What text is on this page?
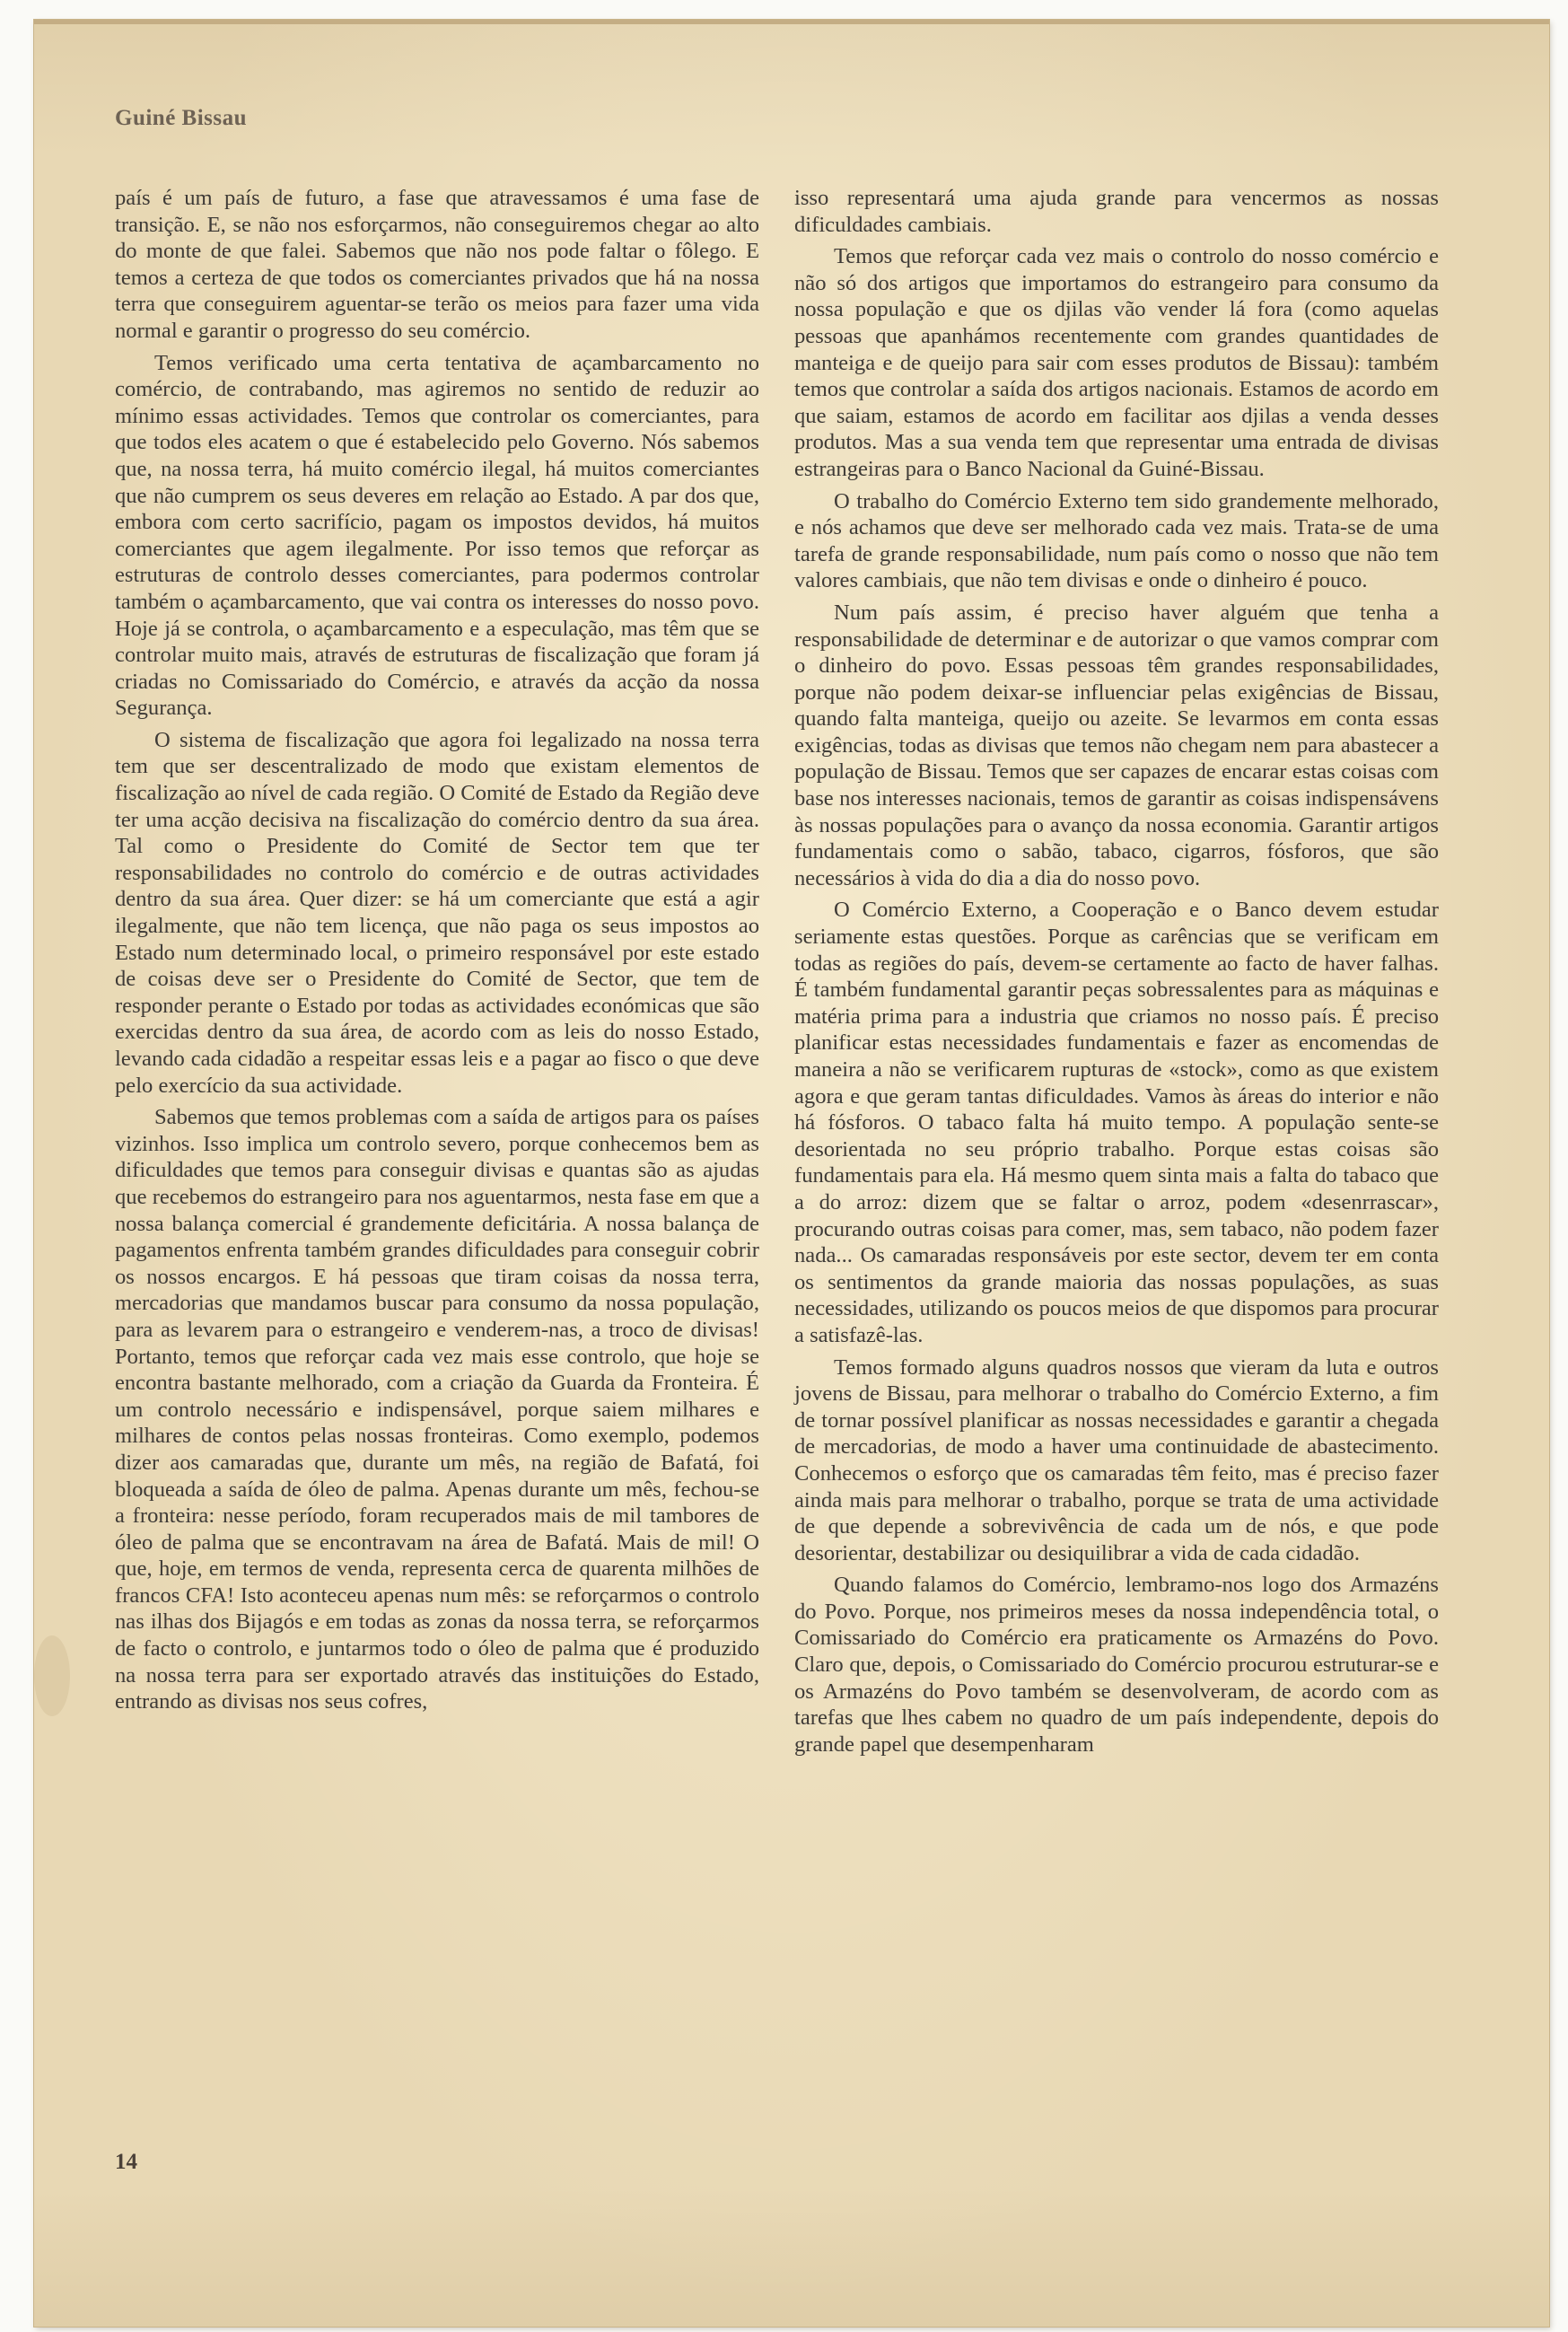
Guiné Bissau

país é um país de futuro, a fase que atravessamos é uma fase de transição. E, se não nos esforçarmos, não conseguiremos chegar ao alto do monte de que falei. Sabemos que não nos pode faltar o fôlego. E temos a certeza de que todos os comerciantes privados que há na nossa terra que conseguirem aguentar-se terão os meios para fazer uma vida normal e garantir o progresso do seu comércio.

Temos verificado uma certa tentativa de açambarcamento no comércio, de contrabando, mas agiremos no sentido de reduzir ao mínimo essas actividades. Temos que controlar os comerciantes, para que todos eles acatem o que é estabelecido pelo Governo. Nós sabemos que, na nossa terra, há muito comércio ilegal, há muitos comerciantes que não cumprem os seus deveres em relação ao Estado. A par dos que, embora com certo sacrifício, pagam os impostos devidos, há muitos comerciantes que agem ilegalmente. Por isso temos que reforçar as estruturas de controlo desses comerciantes, para podermos controlar também o açambarcamento, que vai contra os interesses do nosso povo. Hoje já se controla, o açambarcamento e a especulação, mas têm que se controlar muito mais, através de estruturas de fiscalização que foram já criadas no Comissariado do Comércio, e através da acção da nossa Segurança.

O sistema de fiscalização que agora foi legalizado na nossa terra tem que ser descentralizado de modo que existam elementos de fiscalização ao nível de cada região. O Comité de Estado da Região deve ter uma acção decisiva na fiscalização do comércio dentro da sua área. Tal como o Presidente do Comité de Sector tem que ter responsabilidades no controlo do comércio e de outras actividades dentro da sua área. Quer dizer: se há um comerciante que está a agir ilegalmente, que não tem licença, que não paga os seus impostos ao Estado num determinado local, o primeiro responsável por este estado de coisas deve ser o Presidente do Comité de Sector, que tem de responder perante o Estado por todas as actividades económicas que são exercidas dentro da sua área, de acordo com as leis do nosso Estado, levando cada cidadão a respeitar essas leis e a pagar ao fisco o que deve pelo exercício da sua actividade.

Sabemos que temos problemas com a saída de artigos para os países vizinhos. Isso implica um controlo severo, porque conhecemos bem as dificuldades que temos para conseguir divisas e quantas são as ajudas que recebemos do estrangeiro para nos aguentarmos, nesta fase em que a nossa balança comercial é grandemente deficitária. A nossa balança de pagamentos enfrenta também grandes dificuldades para conseguir cobrir os nossos encargos. E há pessoas que tiram coisas da nossa terra, mercadorias que mandamos buscar para consumo da nossa população, para as levarem para o estrangeiro e venderem-nas, a troco de divisas! Portanto, temos que reforçar cada vez mais esse controlo, que hoje se encontra bastante melhorado, com a criação da Guarda da Fronteira. É um controlo necessário e indispensável, porque saiem milhares e milhares de contos pelas nossas fronteiras. Como exemplo, podemos dizer aos camaradas que, durante um mês, na região de Bafatá, foi bloqueada a saída de óleo de palma. Apenas durante um mês, fechou-se a fronteira: nesse período, foram recuperados mais de mil tambores de óleo de palma que se encontravam na área de Bafatá. Mais de mil! O que, hoje, em termos de venda, representa cerca de quarenta milhões de francos CFA! Isto aconteceu apenas num mês: se reforçarmos o controlo nas ilhas dos Bijagós e em todas as zonas da nossa terra, se reforçarmos de facto o controlo, e juntarmos todo o óleo de palma que é produzido na nossa terra para ser exportado através das instituições do Estado, entrando as divisas nos seus cofres,

isso representará uma ajuda grande para vencermos as nossas dificuldades cambiais.

Temos que reforçar cada vez mais o controlo do nosso comércio e não só dos artigos que importamos do estrangeiro para consumo da nossa população e que os djilas vão vender lá fora (como aquelas pessoas que apanhámos recentemente com grandes quantidades de manteiga e de queijo para sair com esses produtos de Bissau): também temos que controlar a saída dos artigos nacionais. Estamos de acordo em que saiam, estamos de acordo em facilitar aos djilas a venda desses produtos. Mas a sua venda tem que representar uma entrada de divisas estrangeiras para o Banco Nacional da Guiné-Bissau.

O trabalho do Comércio Externo tem sido grandemente melhorado, e nós achamos que deve ser melhorado cada vez mais. Trata-se de uma tarefa de grande responsabilidade, num país como o nosso que não tem valores cambiais, que não tem divisas e onde o dinheiro é pouco.

Num país assim, é preciso haver alguém que tenha a responsabilidade de determinar e de autorizar o que vamos comprar com o dinheiro do povo. Essas pessoas têm grandes responsabilidades, porque não podem deixar-se influenciar pelas exigências de Bissau, quando falta manteiga, queijo ou azeite. Se levarmos em conta essas exigências, todas as divisas que temos não chegam nem para abastecer a população de Bissau. Temos que ser capazes de encarar estas coisas com base nos interesses nacionais, temos de garantir as coisas indispensávens às nossas populações para o avanço da nossa economia. Garantir artigos fundamentais como o sabão, tabaco, cigarros, fósforos, que são necessários à vida do dia a dia do nosso povo.

O Comércio Externo, a Cooperação e o Banco devem estudar seriamente estas questões. Porque as carências que se verificam em todas as regiões do país, devem-se certamente ao facto de haver falhas. É também fundamental garantir peças sobressalentes para as máquinas e matéria prima para a industria que criamos no nosso país. É preciso planificar estas necessidades fundamentais e fazer as encomendas de maneira a não se verificarem rupturas de «stock», como as que existem agora e que geram tantas dificuldades. Vamos às áreas do interior e não há fósforos. O tabaco falta há muito tempo. A população sente-se desorientada no seu próprio trabalho. Porque estas coisas são fundamentais para ela. Há mesmo quem sinta mais a falta do tabaco que a do arroz: dizem que se faltar o arroz, podem «desenrrascar», procurando outras coisas para comer, mas, sem tabaco, não podem fazer nada... Os camaradas responsáveis por este sector, devem ter em conta os sentimentos da grande maioria das nossas populações, as suas necessidades, utilizando os poucos meios de que dispomos para procurar a satisfazê-las.

Temos formado alguns quadros nossos que vieram da luta e outros jovens de Bissau, para melhorar o trabalho do Comércio Externo, a fim de tornar possível planificar as nossas necessidades e garantir a chegada de mercadorias, de modo a haver uma continuidade de abastecimento. Conhecemos o esforço que os camaradas têm feito, mas é preciso fazer ainda mais para melhorar o trabalho, porque se trata de uma actividade de que depende a sobrevivência de cada um de nós, e que pode desorientar, destabilizar ou desiquilibrar a vida de cada cidadão.

Quando falamos do Comércio, lembramo-nos logo dos Armazéns do Povo. Porque, nos primeiros meses da nossa independência total, o Comissariado do Comércio era praticamente os Armazéns do Povo. Claro que, depois, o Comissariado do Comércio procurou estruturar-se e os Armazéns do Povo também se desenvolveram, de acordo com as tarefas que lhes cabem no quadro de um país independente, depois do grande papel que desempenharam

14
